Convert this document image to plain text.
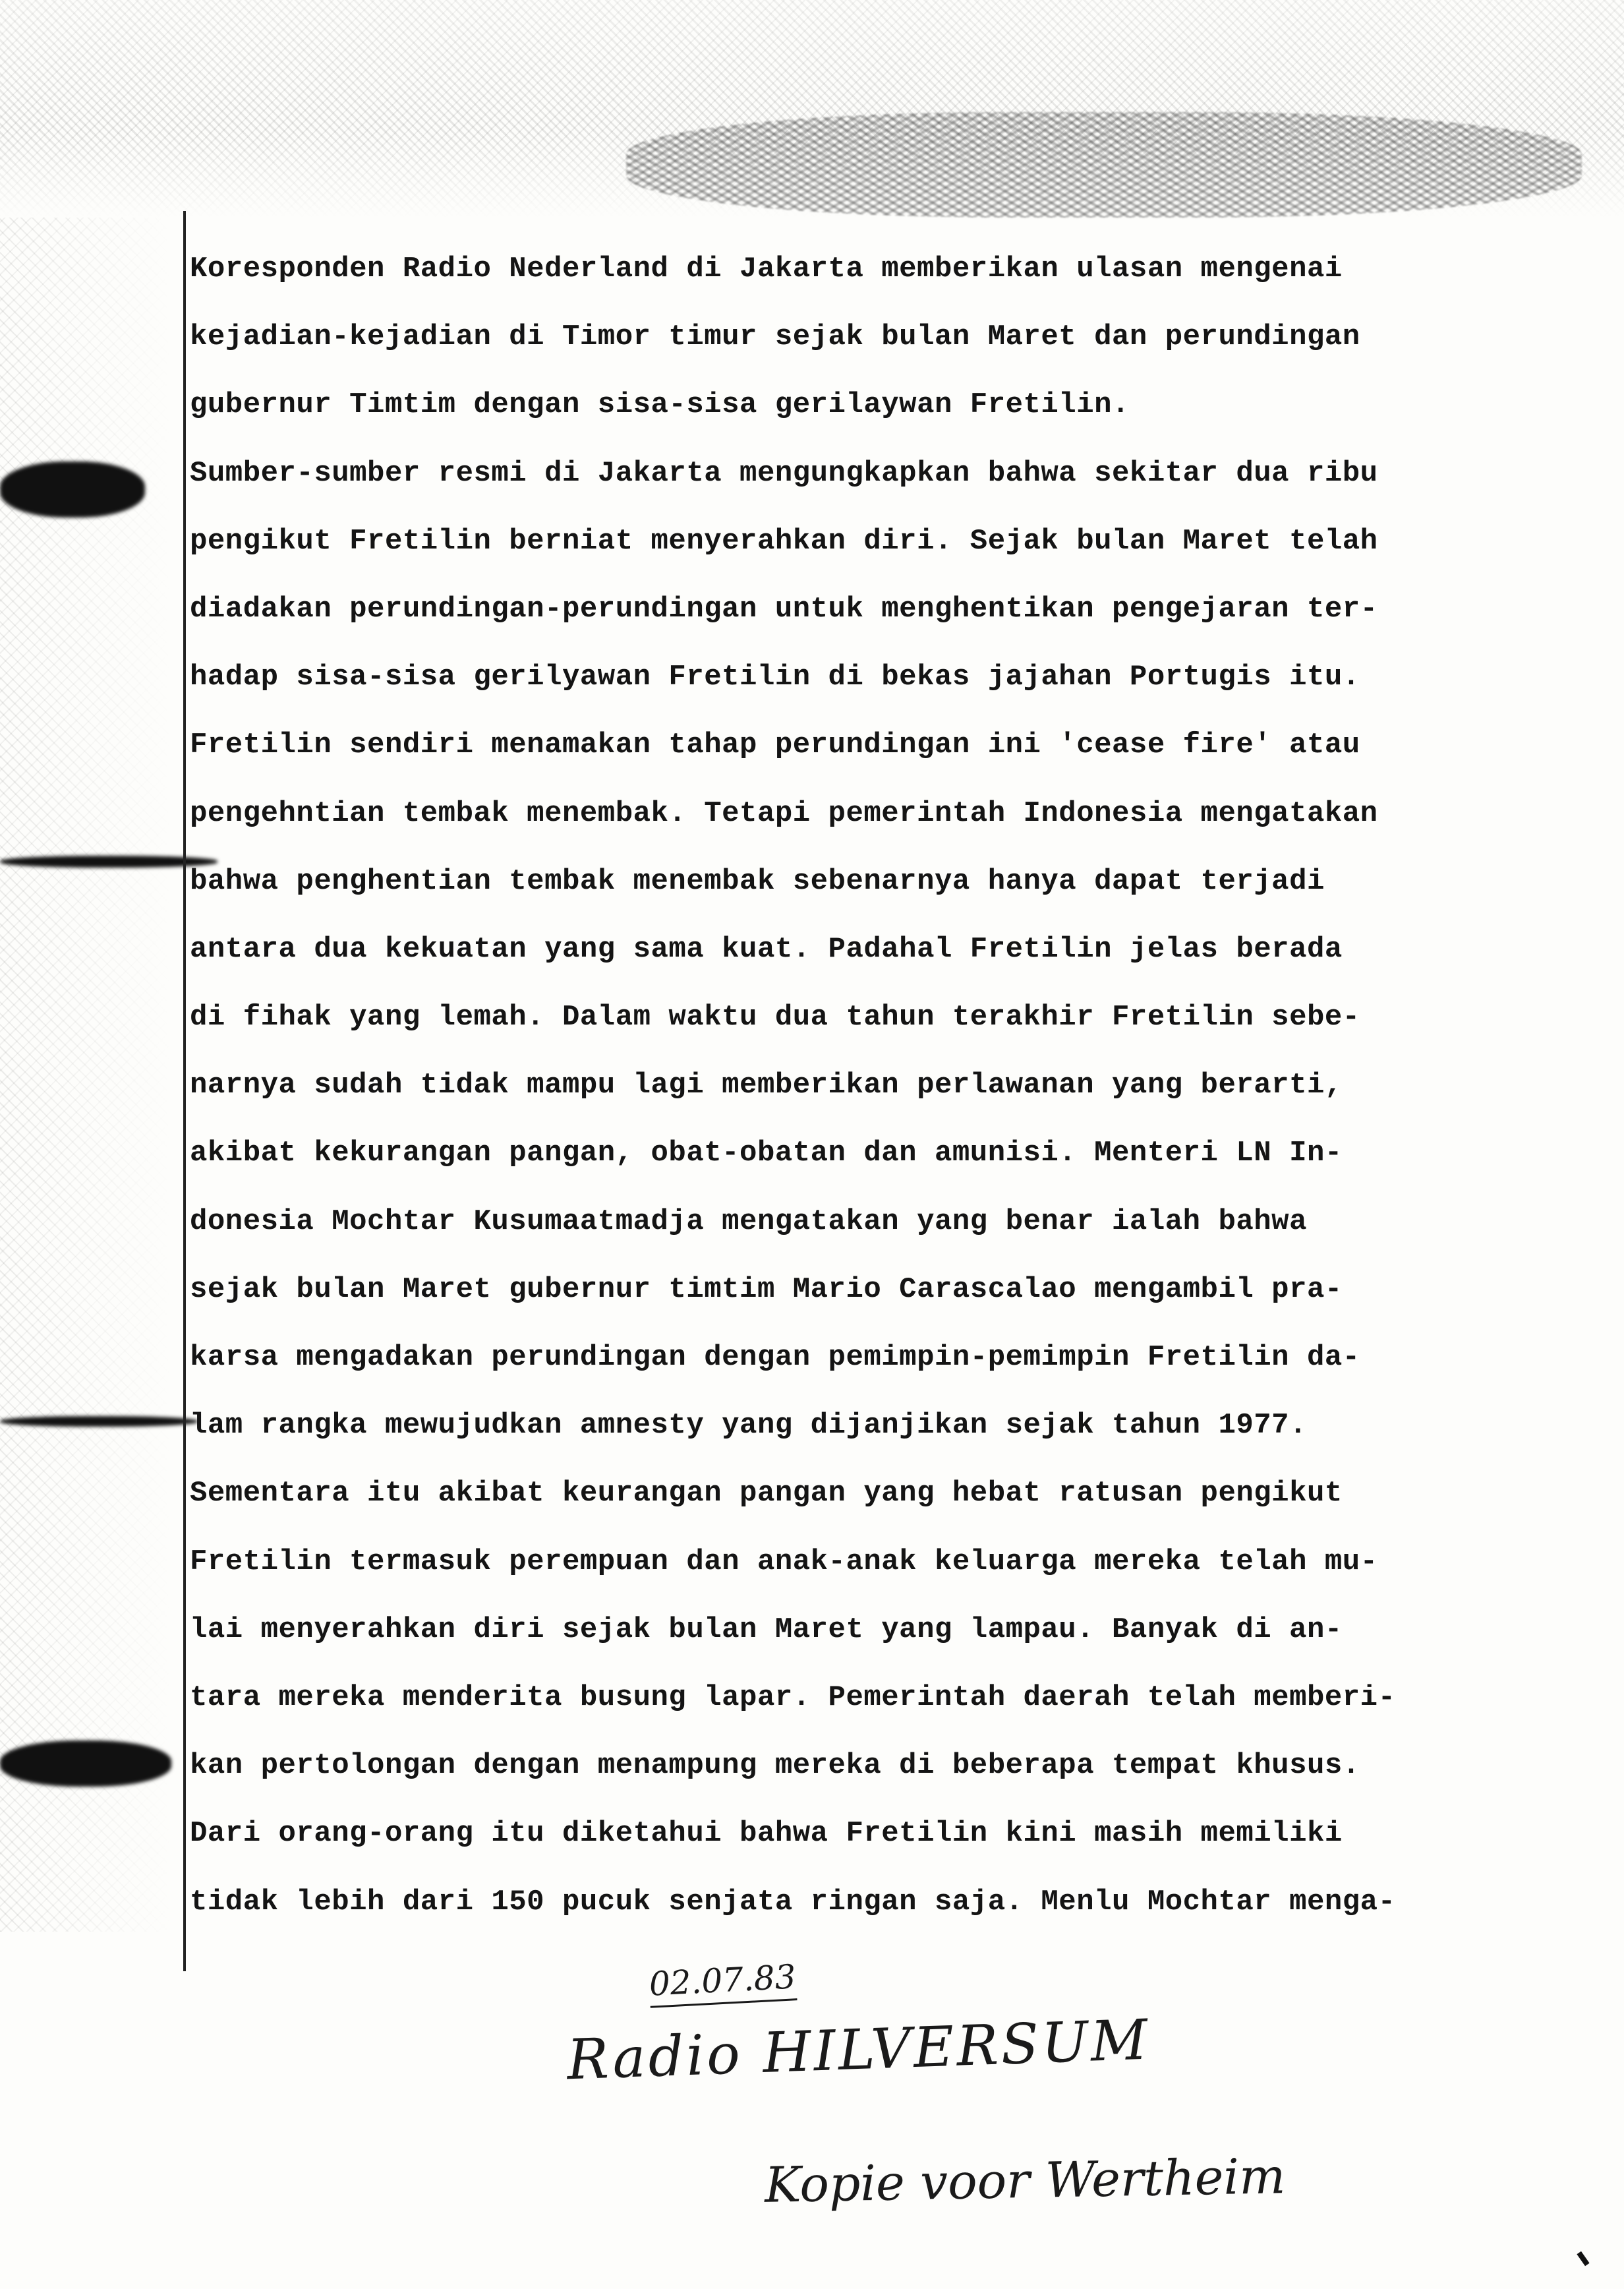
Koresponden Radio Nederland di Jakarta memberikan ulasan mengenai
kejadian-kejadian di Timor timur sejak bulan Maret dan perundingan
gubernur Timtim dengan sisa-sisa gerilaywan Fretilin.
Sumber-sumber resmi di Jakarta mengungkapkan bahwa sekitar dua ribu
pengikut Fretilin berniat menyerahkan diri. Sejak bulan Maret telah
diadakan perundingan-perundingan untuk menghentikan pengejaran ter-
hadap sisa-sisa gerilyawan Fretilin di bekas jajahan Portugis itu.
Fretilin sendiri menamakan tahap perundingan ini 'cease fire' atau
pengehntian tembak menembak. Tetapi pemerintah Indonesia mengatakan
bahwa penghentian tembak menembak sebenarnya hanya dapat terjadi
antara dua kekuatan yang sama kuat. Padahal Fretilin jelas berada
di fihak yang lemah. Dalam waktu dua tahun terakhir Fretilin sebe-
narnya sudah tidak mampu lagi memberikan perlawanan yang berarti,
akibat kekurangan pangan, obat-obatan dan amunisi. Menteri LN In-
donesia Mochtar Kusumaatmadja mengatakan yang benar ialah bahwa
sejak bulan Maret gubernur timtim Mario Carascalao mengambil pra-
karsa mengadakan perundingan dengan pemimpin-pemimpin Fretilin da-
lam rangka mewujudkan amnesty yang dijanjikan sejak tahun 1977.
Sementara itu akibat keurangan pangan yang hebat ratusan pengikut
Fretilin termasuk perempuan dan anak-anak keluarga mereka telah mu-
lai menyerahkan diri sejak bulan Maret yang lampau. Banyak di an-
tara mereka menderita busung lapar. Pemerintah daerah telah memberi-
kan pertolongan dengan menampung mereka di beberapa tempat khusus.
Dari orang-orang itu diketahui bahwa Fretilin kini masih memiliki
tidak lebih dari 150 pucuk senjata ringan saja. Menlu Mochtar menga-
02.07.83
Radio HILVERSUM
Kopie voor Wertheim
